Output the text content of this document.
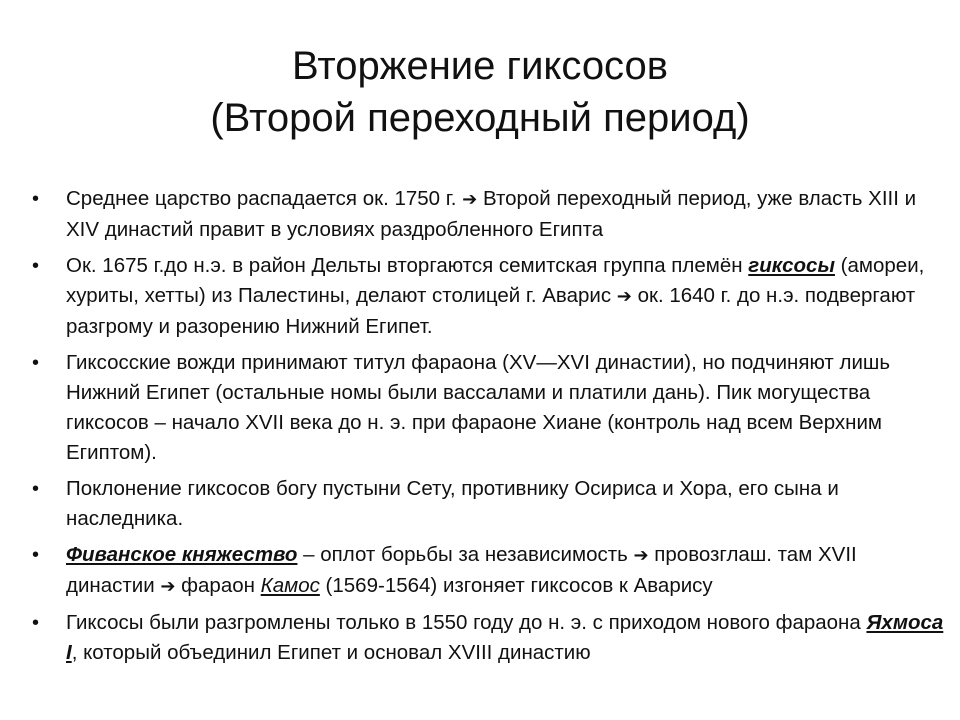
Вторжение гиксосов
(Второй переходный период)
•	Среднее царство распадается ок. 1750 г. ➔ Второй переходный период, уже власть XIII и XIV династий правит в условиях раздробленного Египта
•	Ок. 1675 г.до н.э. в район Дельты вторгаются семитская группа племён гиксосы (амореи, хуриты, хетты) из Палестины, делают столицей г. Аварис ➔ ок. 1640 г. до н.э. подвергают разгрому и разорению Нижний Египет.
•	Гиксосские вожди принимают титул фараона (XV—XVI династии), но подчиняют лишь Нижний Египет (остальные номы были вассалами и платили дань). Пик могущества гиксосов – начало XVII века до н. э. при фараоне Хиане (контроль над всем Верхним Египтом).
•	Поклонение гиксосов богу пустыни Сету, противнику Осириса и Хора, его сына и наследника.
•	Фиванское княжество – оплот борьбы за независимость ➔ провозглаш. там XVII династии ➔ фараон Камос (1569-1564) изгоняет гиксосов к Аварису
•	Гиксосы были разгромлены только в 1550 году до н. э. с приходом нового фараона Яхмоса I, который объединил Египет и основал XVIII династию
